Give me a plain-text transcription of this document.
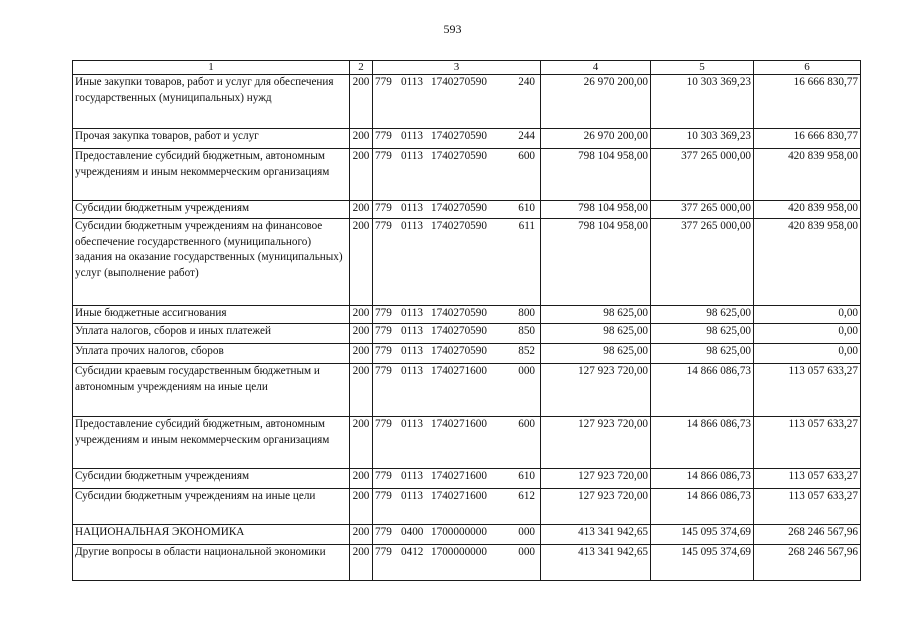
593
1	2	3	4	5	6
Иные закупки товаров, работ и услуг для обеспечения государственных (муниципальных) нужд	200	779 0113 1740270590 240	26 970 200,00	10 303 369,23	16 666 830,77
Прочая закупка товаров, работ и услуг	200	779 0113 1740270590 244	26 970 200,00	10 303 369,23	16 666 830,77
Предоставление субсидий бюджетным, автономным учреждениям и иным некоммерческим организациям	200	779 0113 1740270590 600	798 104 958,00	377 265 000,00	420 839 958,00
Субсидии бюджетным учреждениям	200	779 0113 1740270590 610	798 104 958,00	377 265 000,00	420 839 958,00
Субсидии бюджетным учреждениям на финансовое обеспечение государственного (муниципального) задания на оказание государственных (муниципальных) услуг (выполнение работ)	200	779 0113 1740270590 611	798 104 958,00	377 265 000,00	420 839 958,00
Иные бюджетные ассигнования	200	779 0113 1740270590 800	98 625,00	98 625,00	0,00
Уплата налогов, сборов и иных платежей	200	779 0113 1740270590 850	98 625,00	98 625,00	0,00
Уплата прочих налогов, сборов	200	779 0113 1740270590 852	98 625,00	98 625,00	0,00
Субсидии краевым государственным бюджетным и автономным учреждениям на иные цели	200	779 0113 1740271600 000	127 923 720,00	14 866 086,73	113 057 633,27
Предоставление субсидий бюджетным, автономным учреждениям и иным некоммерческим организациям	200	779 0113 1740271600 600	127 923 720,00	14 866 086,73	113 057 633,27
Субсидии бюджетным учреждениям	200	779 0113 1740271600 610	127 923 720,00	14 866 086,73	113 057 633,27
Субсидии бюджетным учреждениям на иные цели	200	779 0113 1740271600 612	127 923 720,00	14 866 086,73	113 057 633,27
НАЦИОНАЛЬНАЯ ЭКОНОМИКА	200	779 0400 1700000000 000	413 341 942,65	145 095 374,69	268 246 567,96
Другие вопросы в области национальной экономики	200	779 0412 1700000000 000	413 341 942,65	145 095 374,69	268 246 567,96
